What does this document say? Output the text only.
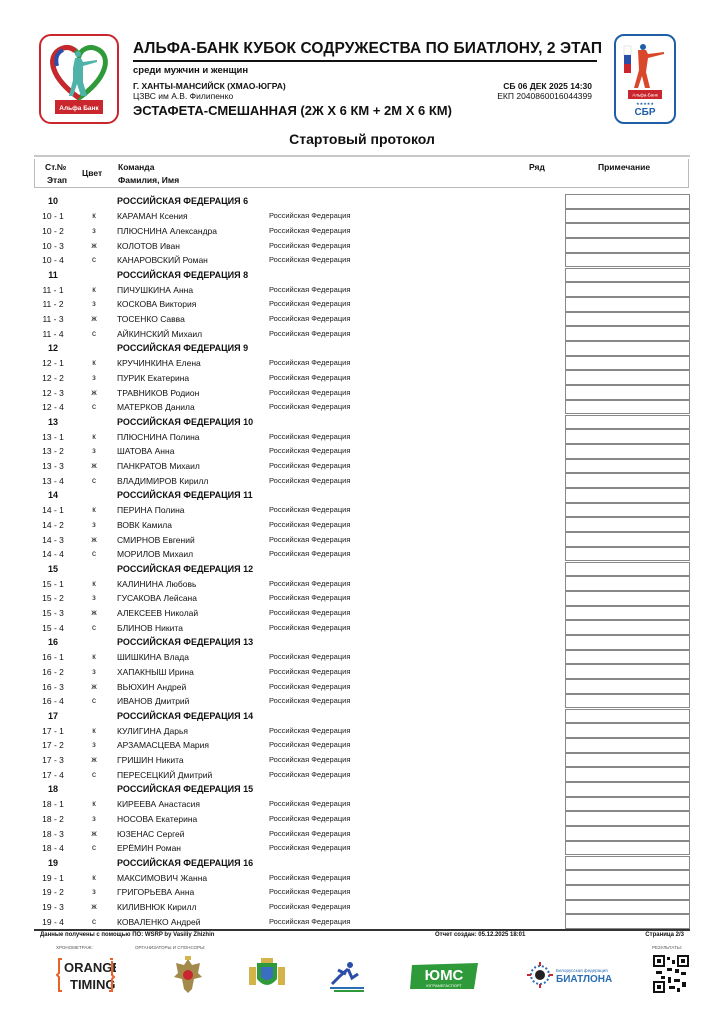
Альфа Банк
АЛЬФА-БАНК КУБОК СОДРУЖЕСТВА ПО БИАТЛОНУ, 2 ЭТАП
среди мужчин и женщин
Г. ХАНТЫ-МАНСИЙСК (ХМАО-ЮГРА)
ЦЗВС им А.В. Филипенко
СБ 06 ДЕК 2025 14:30
ЕКП 2040860016044399
ЭСТАФЕТА-СМЕШАННАЯ (2Ж X 6 КМ + 2М X 6 КМ)
Альфа-Банк
★★★★★
СБР
Стартовый протокол
Ст.№
Этап
Цвет
Команда
Фамилия, Имя
Ряд	Примечание
10	РОССИЙСКАЯ ФЕДЕРАЦИЯ 6
10 - 1	к	КАРАМАН Ксения	Российская Федерация
10 - 2	з	ПЛЮСНИНА Александра	Российская Федерация
10 - 3	ж	КОЛОТОВ Иван	Российская Федерация
10 - 4	с	КАНАРОВСКИЙ Роман	Российская Федерация
11	РОССИЙСКАЯ ФЕДЕРАЦИЯ 8
11 - 1	к	ПИЧУШКИНА Анна	Российская Федерация
11 - 2	з	КОСКОВА Виктория	Российская Федерация
11 - 3	ж	ТОСЕНКО Савва	Российская Федерация
11 - 4	с	АЙКИНСКИЙ Михаил	Российская Федерация
12	РОССИЙСКАЯ ФЕДЕРАЦИЯ 9
12 - 1	к	КРУЧИНКИНА Елена	Российская Федерация
12 - 2	з	ПУРИК Екатерина	Российская Федерация
12 - 3	ж	ТРАВНИКОВ Родион	Российская Федерация
12 - 4	с	МАТЕРКОВ Данила	Российская Федерация
13	РОССИЙСКАЯ ФЕДЕРАЦИЯ 10
13 - 1	к	ПЛЮСНИНА Полина	Российская Федерация
13 - 2	з	ШАТОВА Анна	Российская Федерация
13 - 3	ж	ПАНКРАТОВ Михаил	Российская Федерация
13 - 4	с	ВЛАДИМИРОВ Кирилл	Российская Федерация
14	РОССИЙСКАЯ ФЕДЕРАЦИЯ 11
14 - 1	к	ПЕРИНА Полина	Российская Федерация
14 - 2	з	ВОВК Камила	Российская Федерация
14 - 3	ж	СМИРНОВ Евгений	Российская Федерация
14 - 4	с	МОРИЛОВ Михаил	Российская Федерация
15	РОССИЙСКАЯ ФЕДЕРАЦИЯ 12
15 - 1	к	КАЛИНИНА Любовь	Российская Федерация
15 - 2	з	ГУСАКОВА Лейсана	Российская Федерация
15 - 3	ж	АЛЕКСЕЕВ Николай	Российская Федерация
15 - 4	с	БЛИНОВ Никита	Российская Федерация
16	РОССИЙСКАЯ ФЕДЕРАЦИЯ 13
16 - 1	к	ШИШКИНА Влада	Российская Федерация
16 - 2	з	ХАПАКНЫШ Ирина	Российская Федерация
16 - 3	ж	ВЬЮХИН Андрей	Российская Федерация
16 - 4	с	ИВАНОВ Дмитрий	Российская Федерация
17	РОССИЙСКАЯ ФЕДЕРАЦИЯ 14
17 - 1	к	КУЛИГИНА Дарья	Российская Федерация
17 - 2	з	АРЗАМАСЦЕВА Мария	Российская Федерация
17 - 3	ж	ГРИШИН Никита	Российская Федерация
17 - 4	с	ПЕРЕСЕЦКИЙ Дмитрий	Российская Федерация
18	РОССИЙСКАЯ ФЕДЕРАЦИЯ 15
18 - 1	к	КИРЕЕВА Анастасия	Российская Федерация
18 - 2	з	НОСОВА Екатерина	Российская Федерация
18 - 3	ж	ЮЗЕНАС Сергей	Российская Федерация
18 - 4	с	ЕРЁМИН Роман	Российская Федерация
19	РОССИЙСКАЯ ФЕДЕРАЦИЯ 16
19 - 1	к	МАКСИМОВИЧ Жанна	Российская Федерация
19 - 2	з	ГРИГОРЬЕВА Анна	Российская Федерация
19 - 3	ж	КИЛИВНЮК Кирилл	Российская Федерация
19 - 4	с	КОВАЛЕНКО Андрей	Российская Федерация
Данные получены с помощью ПО: WSRP by Vasiliy Zhizhin	Отчет создан: 05.12.2025 18:01	Страница 2/3
ХРОНОМЕТРАЖ:	ОРГАНИЗАТОРЫ И СПОНСОРЫ:	РЕЗУЛЬТАТЫ:
ORANGE
TIMING
ЮМС
ЮГРАМЕГАСПОРТ
Белорусская федерация
БИАТЛОНА
